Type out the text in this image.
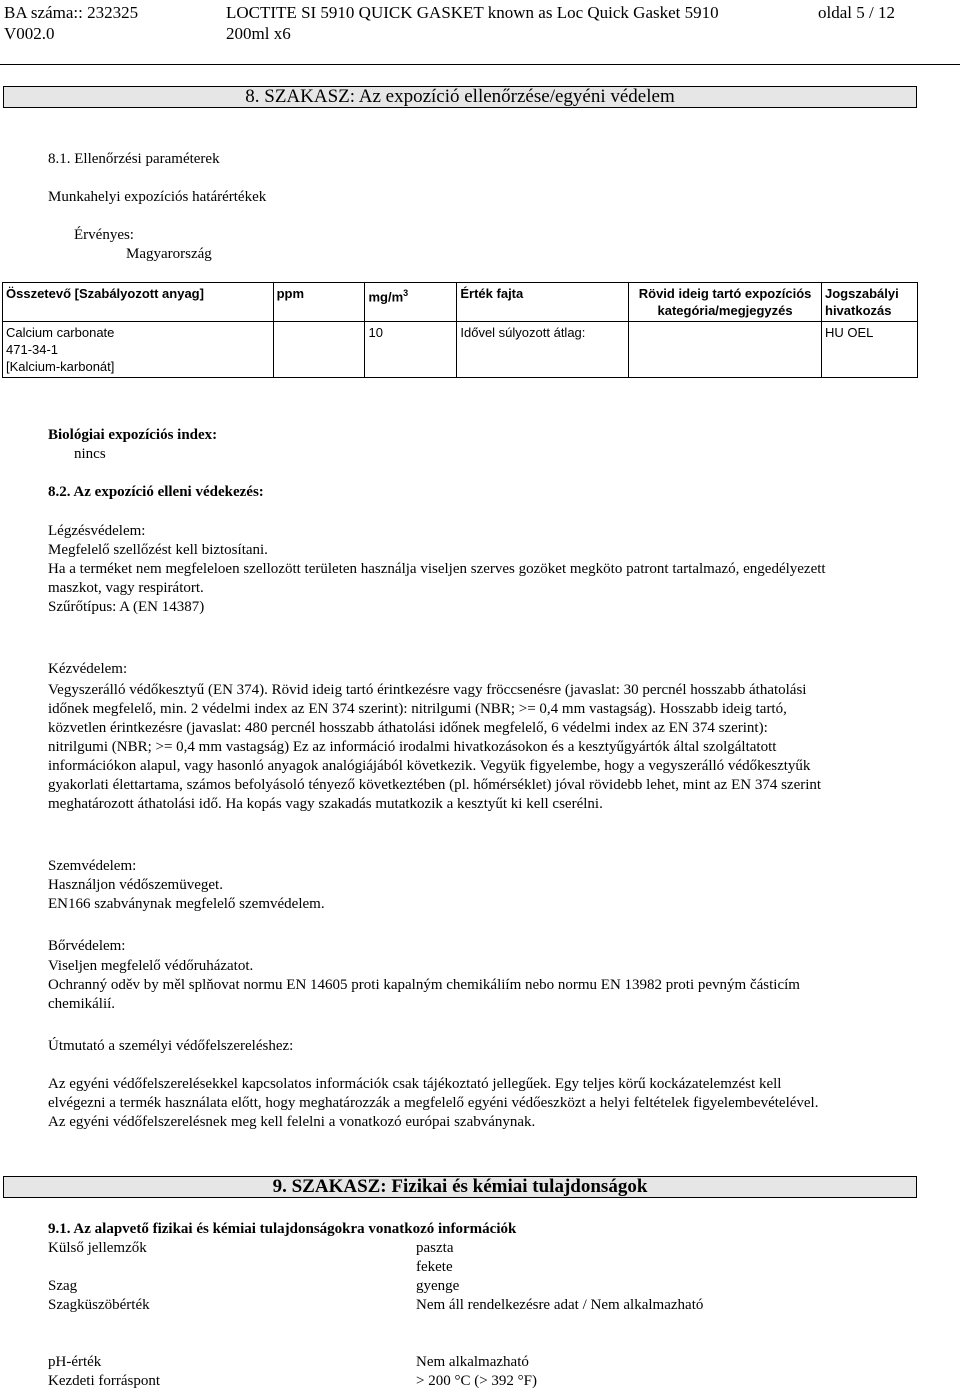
BA száma:: 232325
V002.0
LOCTITE SI 5910 QUICK GASKET known as Loc Quick Gasket 5910
200ml x6
oldal 5 / 12
8. SZAKASZ: Az expozíció ellenőrzése/egyéni védelem
8.1. Ellenőrzési paraméterek
Munkahelyi expozíciós határértékek
Érvényes:
Magyarország
Összetevő [Szabályozott anyag]	ppm	$mg/m^3$	Érték fajta	Rövid ideig tartó expozíciós kategória/megjegyzés	Jogszabályi hivatkozás

Calcium carbonate
471-34-1
[Kalcium-karbonát]		10	Idővel súlyozott átlag:		HU OEL
Biológiai expozíciós index:
nincs
8.2. Az expozíció elleni védekezés:
Légzésvédelem:
Megfelelő szellőzést kell biztosítani.
Ha a terméket nem megfeleloen szellozött területen használja viseljen szerves gozöket megköto patront tartalmazó, engedélyezett
maszkot, vagy respirátort.
Szűrőtípus: A (EN 14387)
Kézvédelem:
Vegyszerálló védőkesztyű (EN 374). Rövid ideig tartó érintkezésre vagy fröccsenésre (javaslat: 30 percnél hosszabb áthatolási
időnek megfelelő, min. 2 védelmi index az EN 374 szerint): nitrilgumi (NBR; >= 0,4 mm vastagság). Hosszabb ideig tartó,
közvetlen érintkezésre (javaslat: 480 percnél hosszabb áthatolási időnek megfelelő, 6 védelmi index az EN 374 szerint):
nitrilgumi (NBR; >= 0,4 mm vastagság) Ez az információ irodalmi hivatkozásokon és a kesztyűgyártók által szolgáltatott
információkon alapul, vagy hasonló anyagok analógiájából következik. Vegyük figyelembe, hogy a vegyszerálló védőkesztyűk
gyakorlati élettartama, számos befolyásoló tényező következtében (pl. hőmérséklet) jóval rövidebb lehet, mint az EN 374 szerint
meghatározott áthatolási idő. Ha kopás vagy szakadás mutatkozik a kesztyűt ki kell cserélni.
Szemvédelem:
Használjon védőszemüveget.
EN166 szabványnak megfelelő szemvédelem.
Bőrvédelem:
Viseljen megfelelő védőruházatot.
Ochranný oděv by měl splňovat normu EN 14605 proti kapalným chemikáliím nebo normu EN 13982 proti pevným částicím
chemikálií.
Útmutató a személyi védőfelszereléshez:
Az egyéni védőfelszerelésekkel kapcsolatos információk csak tájékoztató jellegűek. Egy teljes körű kockázatelemzést kell
elvégezni a termék használata előtt, hogy meghatározzák a megfelelő egyéni védőeszközt a helyi feltételek figyelembevételével.
Az egyéni védőfelszerelésnek meg kell felelni a vonatkozó európai szabványnak.
9. SZAKASZ: Fizikai és kémiai tulajdonságok
9.1. Az alapvető fizikai és kémiai tulajdonságokra vonatkozó információk
Külső jellemzők	paszta
fekete
Szag	gyenge
Szagküszöbérték	Nem áll rendelkezésre adat / Nem alkalmazható
pH-érték	Nem alkalmazható
Kezdeti forráspont	> 200 °C (> 392 °F)
